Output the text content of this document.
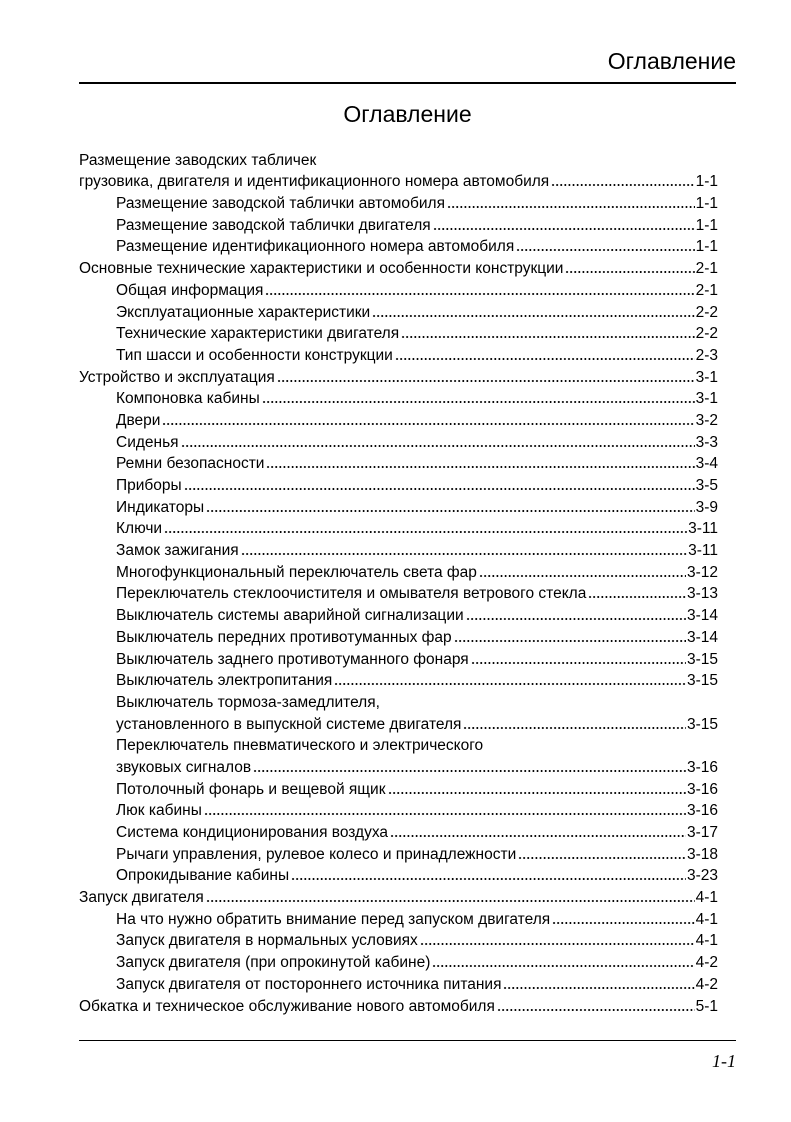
Оглавление
Оглавление
Размещение заводских табличек
грузовика, двигателя и идентификационного номера автомобиля	1-1
Размещение заводской таблички автомобиля	1-1
Размещение заводской таблички двигателя	1-1
Размещение идентификационного номера автомобиля	1-1
Основные технические характеристики и особенности конструкции	2-1
Общая информация	2-1
Эксплуатационные характеристики	2-2
Технические характеристики двигателя	2-2
Тип шасси и особенности конструкции	2-3
Устройство и эксплуатация	3-1
Компоновка кабины	3-1
Двери	3-2
Сиденья	3-3
Ремни безопасности	3-4
Приборы	3-5
Индикаторы	3-9
Ключи	3-11
Замок зажигания	3-11
Многофункциональный переключатель света фар	3-12
Переключатель стеклоочистителя и омывателя ветрового стекла	3-13
Выключатель системы аварийной сигнализации	3-14
Выключатель передних противотуманных фар	3-14
Выключатель заднего противотуманного фонаря	3-15
Выключатель электропитания	3-15
Выключатель тормоза-замедлителя,
установленного в выпускной системе двигателя	3-15
Переключатель пневматического и электрического
звуковых сигналов	3-16
Потолочный фонарь и вещевой ящик	3-16
Люк кабины	3-16
Система кондиционирования воздуха	3-17
Рычаги управления, рулевое колесо и принадлежности	3-18
Опрокидывание кабины	3-23
Запуск двигателя	4-1
На что нужно обратить внимание перед запуском двигателя	4-1
Запуск двигателя в нормальных условиях	4-1
Запуск двигателя (при опрокинутой кабине)	4-2
Запуск двигателя от постороннего источника питания	4-2
Обкатка и техническое обслуживание нового автомобиля	5-1
1-1
